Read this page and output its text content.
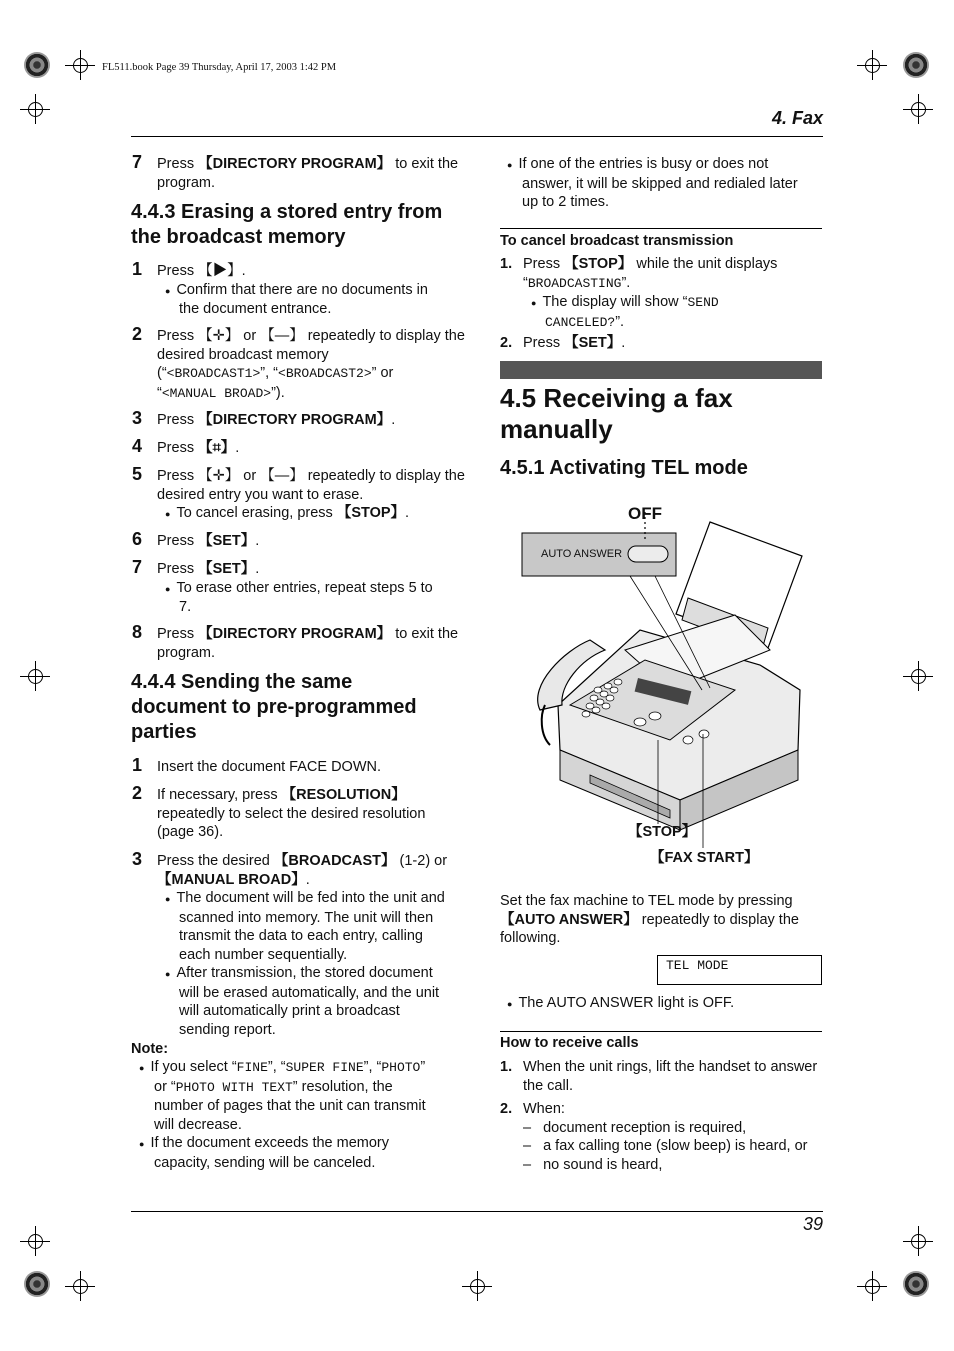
FL511.book Page 39 Thursday, April 17, 2003 1:42 PM
4. Fax
7 Press 【DIRECTORY PROGRAM】 to exit the
program.
4.4.3 Erasing a stored entry from
the broadcast memory
1 Press 【▶】.
● Confirm that there are no documents in
the document entrance.
2 Press 【✛】 or 【—】 repeatedly to display the
desired broadcast memory
(“<BROADCAST1>”, “<BROADCAST2>” or
“<MANUAL BROAD>”).
3 Press 【DIRECTORY PROGRAM】.
4 Press 【⌗】.
5 Press 【✛】 or 【—】 repeatedly to display the
desired entry you want to erase.
● To cancel erasing, press 【STOP】.
6 Press 【SET】.
7 Press 【SET】.
● To erase other entries, repeat steps 5 to
7.
8 Press 【DIRECTORY PROGRAM】 to exit the
program.
4.4.4 Sending the same
document to pre-programmed
parties
1 Insert the document FACE DOWN.
2 If necessary, press 【RESOLUTION】
repeatedly to select the desired resolution
(page 36).
3 Press the desired 【BROADCAST】 (1-2) or
【MANUAL BROAD】.
● The document will be fed into the unit and
scanned into memory. The unit will then
transmit the data to each entry, calling
each number sequentially.
● After transmission, the stored document
will be erased automatically, and the unit
will automatically print a broadcast
sending report.
Note:
● If you select “FINE”, “SUPER FINE”, “PHOTO”
or “PHOTO WITH TEXT” resolution, the
number of pages that the unit can transmit
will decrease.
● If the document exceeds the memory
capacity, sending will be canceled.
● If one of the entries is busy or does not
answer, it will be skipped and redialed later
up to 2 times.
To cancel broadcast transmission
1. Press 【STOP】 while the unit displays
“BROADCASTING”.
● The display will show “SEND
CANCELED?”.
2. Press 【SET】.
4.5 Receiving a fax
manually
4.5.1 Activating TEL mode
OFF
AUTO ANSWER
【STOP】
【FAX START】
Set the fax machine to TEL mode by pressing
【AUTO ANSWER】 repeatedly to display the
following.
TEL MODE
● The AUTO ANSWER light is OFF.
How to receive calls
1. When the unit rings, lift the handset to answer
the call.
2. When:
– document reception is required,
– a fax calling tone (slow beep) is heard, or
– no sound is heard,
39
